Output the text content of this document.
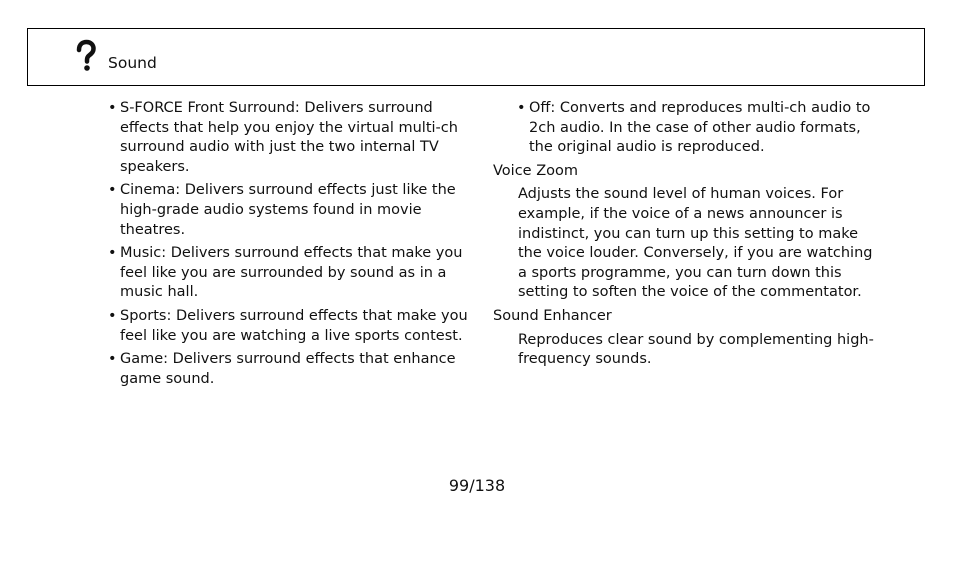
Sound
• S-FORCE Front Surround: Delivers surround effects that help you enjoy the virtual multi-ch surround audio with just the two internal TV speakers.
• Cinema: Delivers surround effects just like the high-grade audio systems found in movie theatres.
• Music: Delivers surround effects that make you feel like you are surrounded by sound as in a music hall.
• Sports: Delivers surround effects that make you feel like you are watching a live sports contest.
• Game: Delivers surround effects that enhance game sound.
• Off: Converts and reproduces multi-ch audio to 2ch audio. In the case of other audio formats, the original audio is reproduced.
Voice Zoom
Adjusts the sound level of human voices. For example, if the voice of a news announcer is indistinct, you can turn up this setting to make the voice louder. Conversely, if you are watching a sports programme, you can turn down this setting to soften the voice of the commentator.
Sound Enhancer
Reproduces clear sound by complementing high-frequency sounds.
99/138
